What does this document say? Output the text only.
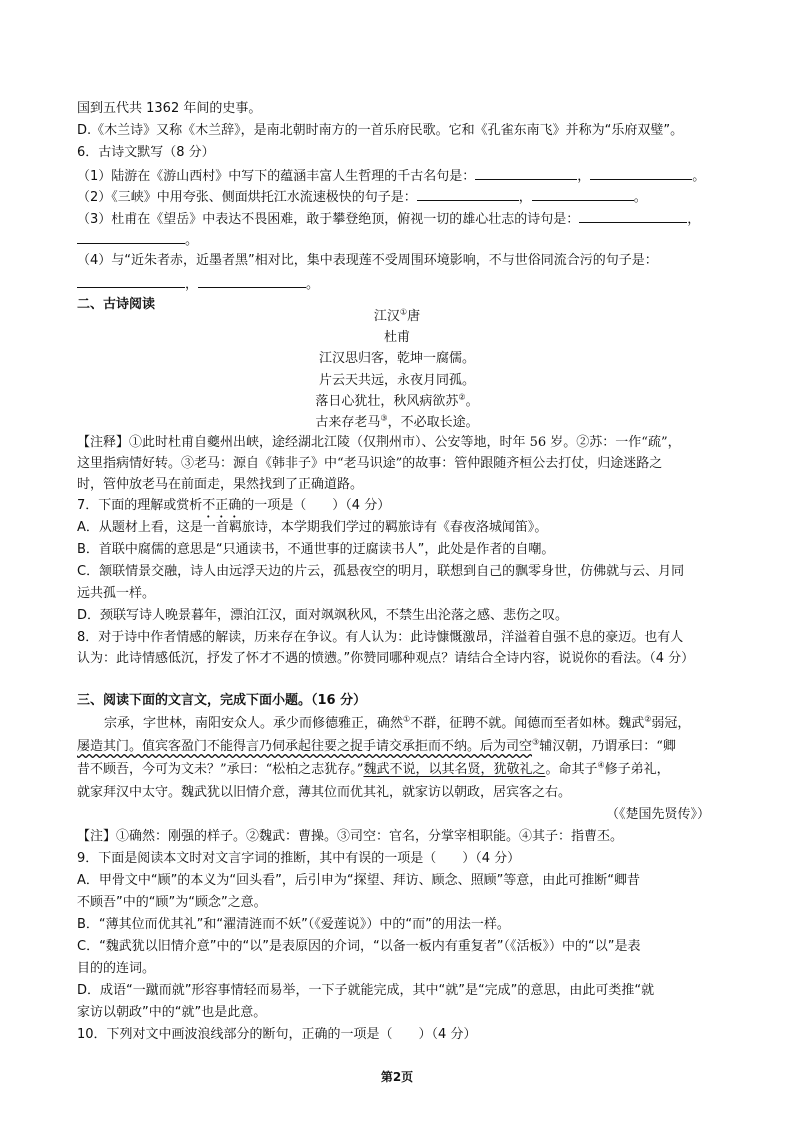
国到五代共 1362 年间的史事。
D.《木兰诗》又称《木兰辞》，是南北朝时南方的一首乐府民歌。它和《孔雀东南飞》并称为“乐府双璧”。
6．古诗文默写（8 分）
（1）陆游在《游山西村》中写下的蕴涵丰富人生哲理的千古名句是：	，	。
（2）《三峡》中用夸张、侧面烘托江水流速极快的句子是：	，	。
（3）杜甫在《望岳》中表达不畏困难，敢于攀登绝顶，俯视一切的雄心壮志的诗句是：	，
。
（4）与“近朱者赤，近墨者黑”相对比，集中表现莲不受周围环境影响，不与世俗同流合污的句子是：
，	。
二、古诗阅读
江汉①唐
杜甫
江汉思归客，乾坤一腐儒。
片云天共远，永夜月同孤。
落日心犹壮，秋风病欲苏②。
古来存老马③，不必取长途。
【注释】①此时杜甫自夔州出峡，途经湖北江陵（仅荆州市）、公安等地，时年 56 岁。②苏：一作“疏”，
这里指病情好转。③老马：源自《韩非子》中“老马识途”的故事：管仲跟随齐桓公去打仗，归途迷路之
时，管仲放老马在前面走，果然找到了正确道路。
7．下面的理解或赏析不正确的一项是（　　）（4 分）
A．从题材上看，这是一首羁旅诗，本学期我们学过的羁旅诗有《春夜洛城闻笛》。
B．首联中腐儒的意思是“只通读书，不通世事的迂腐读书人”，此处是作者的自嘲。
C．颔联情景交融，诗人由远浮天边的片云，孤悬夜空的明月，联想到自己的飘零身世，仿佛就与云、月同
远共孤一样。
D．颈联写诗人晚景暮年，漂泊江汉，面对飒飒秋风，不禁生出沦落之感、悲伤之叹。
8．对于诗中作者情感的解读，历来存在争议。有人认为：此诗慷慨激昂，洋溢着自强不息的豪迈。也有人
认为：此诗情感低沉，抒发了怀才不遇的愤懑。”你赞同哪种观点？请结合全诗内容，说说你的看法。（4 分）
三、阅读下面的文言文，完成下面小题。（16 分）
宗承，字世林，南阳安众人。承少而修德雅正，确然①不群，征聘不就。闻德而至者如林。魏武②弱冠，
屡造其门。值宾客盈门不能得言乃伺承起往要之捉手请交承拒而不纳。后为司空③辅汉朝，乃谓承曰：“卿
昔不顾吾，今可为文未？”承曰：“松柏之志犹存。”魏武不说，以其名贤，犹敬礼之。命其子④修子弟礼，
就家拜汉中太守。魏武犹以旧情介意，薄其位而优其礼，就家访以朝政，居宾客之右。
（《楚国先贤传》）
【注】①确然：刚强的样子。②魏武：曹操。③司空：官名，分掌宰相职能。④其子：指曹丕。
9．下面是阅读本文时对文言字词的推断，其中有误的一项是（　　）（4 分）
A．甲骨文中“顾”的本义为“回头看”，后引申为“探望、拜访、顾念、照顾”等意，由此可推断“卿昔
不顾吾”中的“顾”为“顾念”之意。
B．“薄其位而优其礼”和“濯清涟而不妖”（《爱莲说》）中的“而”的用法一样。
C．“魏武犹以旧情介意”中的“以”是表原因的介词，“以备一板内有重复者”（《活板》）中的“以”是表
目的的连词。
D．成语“一蹴而就”形容事情轻而易举，一下子就能完成，其中“就”是“完成”的意思，由此可类推“就
家访以朝政”中的“就”也是此意。
10．下列对文中画波浪线部分的断句，正确的一项是（　　）（4 分）
第2页
